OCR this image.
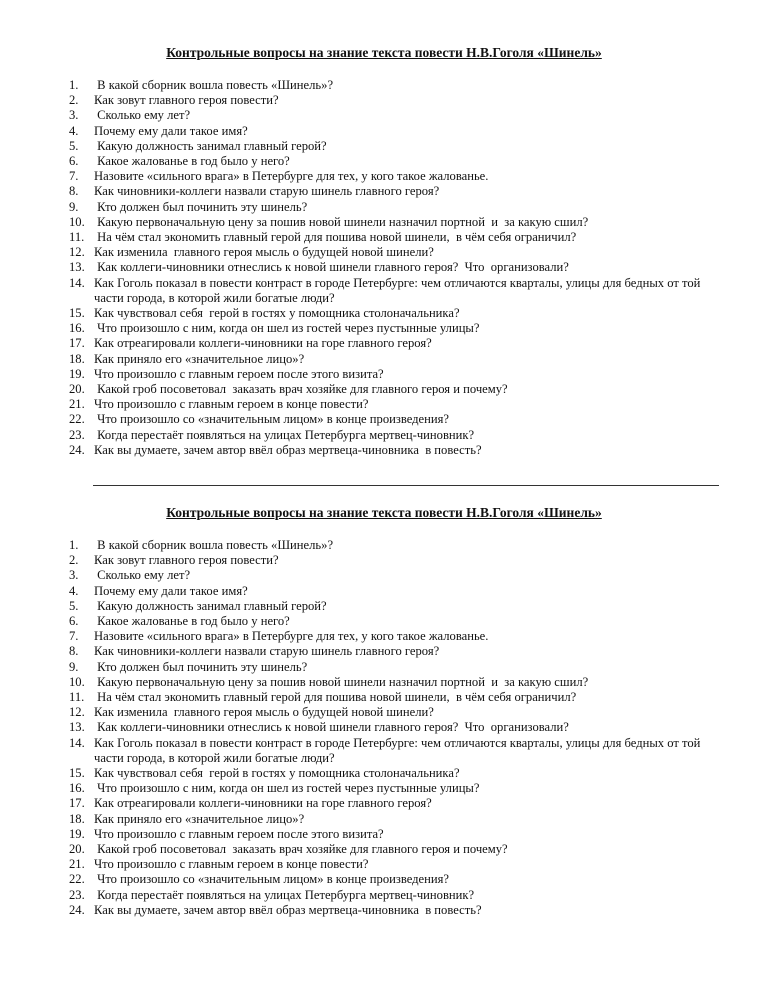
Контрольные вопросы на знание текста повести Н.В.Гоголя «Шинель»
1. В какой сборник вошла повесть «Шинель»?
2. Как зовут главного героя повести?
3. Сколько ему лет?
4. Почему ему дали такое имя?
5. Какую должность занимал главный герой?
6. Какое жалованье в год было у него?
7. Назовите «сильного врага» в Петербурге для тех, у кого такое жалованье.
8. Как чиновники-коллеги назвали старую шинель главного героя?
9. Кто должен был починить эту шинель?
10. Какую первоначальную цену за пошив новой шинели назначил портной  и  за какую сшил?
11. На чём стал экономить главный герой для пошива новой шинели,  в чём себя ограничил?
12. Как изменила  главного героя мысль о будущей новой шинели?
13. Как коллеги-чиновники отнеслись к новой шинели главного героя?  Что  организовали?
14. Как Гоголь показал в повести контраст в городе Петербурге: чем отличаются кварталы, улицы для бедных от той части города, в которой жили богатые люди?
15. Как чувствовал себя  герой в гостях у помощника столоначальника?
16. Что произошло с ним, когда он шел из гостей через пустынные улицы?
17. Как отреагировали коллеги-чиновники на горе главного героя?
18. Как приняло его «значительное лицо»?
19. Что произошло с главным героем после этого визита?
20. Какой гроб посоветовал  заказать врач хозяйке для главного героя и почему?
21. Что произошло с главным героем в конце повести?
22. Что произошло со «значительным лицом» в конце произведения?
23. Когда перестаёт появляться на улицах Петербурга мертвец-чиновник?
24. Как вы думаете, зачем автор ввёл образ мертвеца-чиновника  в повесть?
Контрольные вопросы на знание текста повести Н.В.Гоголя «Шинель»
1. В какой сборник вошла повесть «Шинель»?
2. Как зовут главного героя повести?
3. Сколько ему лет?
4. Почему ему дали такое имя?
5. Какую должность занимал главный герой?
6. Какое жалованье в год было у него?
7. Назовите «сильного врага» в Петербурге для тех, у кого такое жалованье.
8. Как чиновники-коллеги назвали старую шинель главного героя?
9. Кто должен был починить эту шинель?
10. Какую первоначальную цену за пошив новой шинели назначил портной  и  за какую сшил?
11. На чём стал экономить главный герой для пошива новой шинели,  в чём себя ограничил?
12. Как изменила  главного героя мысль о будущей новой шинели?
13. Как коллеги-чиновники отнеслись к новой шинели главного героя?  Что  организовали?
14. Как Гоголь показал в повести контраст в городе Петербурге: чем отличаются кварталы, улицы для бедных от той части города, в которой жили богатые люди?
15. Как чувствовал себя  герой в гостях у помощника столоначальника?
16. Что произошло с ним, когда он шел из гостей через пустынные улицы?
17. Как отреагировали коллеги-чиновники на горе главного героя?
18. Как приняло его «значительное лицо»?
19. Что произошло с главным героем после этого визита?
20. Какой гроб посоветовал  заказать врач хозяйке для главного героя и почему?
21. Что произошло с главным героем в конце повести?
22. Что произошло со «значительным лицом» в конце произведения?
23. Когда перестаёт появляться на улицах Петербурга мертвец-чиновник?
24. Как вы думаете, зачем автор ввёл образ мертвеца-чиновника  в повесть?
